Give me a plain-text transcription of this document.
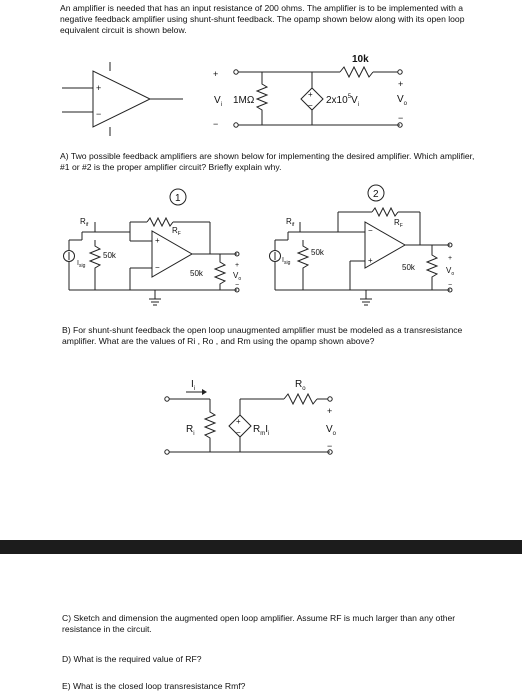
An amplifier is needed that has an input resistance of 200 ohms. The amplifier is to be implemented with a negative feedback amplifier using shunt-shunt feedback. The opamp shown below along with its open loop equivalent circuit is shown below.

+
−
+
−
10k
+
−
$V_i$ 1MΩ	$2x10^5V_i$
+
$V_o$
−

A) Two possible feedback amplifiers are shown below for implementing the desired amplifier. Which amplifier, #1 or #2 is the proper amplifier circuit? Briefly explain why.

1
$R_{if}$
$I_{sig}$
50k
+
−
$R_F$
50k
+
$V_o$
−
2
$R_{if}$
$I_{sig}$
50k
−
+
$R_F$
50k
+
$V_o$
−

B) For shunt-shunt feedback the open loop unaugmented amplifier must be modeled as a transresistance amplifier. What are the values of Ri , Ro , and Rm using the opamp shown above?

$I_i$
$R_i$
+
− $R_mI_i$
$R_o$
+
$V_o$
−

C) Sketch and dimension the augmented open loop amplifier. Assume RF is much larger than any other resistance in the circuit.

D) What is the required value of RF?

E) What is the closed loop transresistance Rmf?
